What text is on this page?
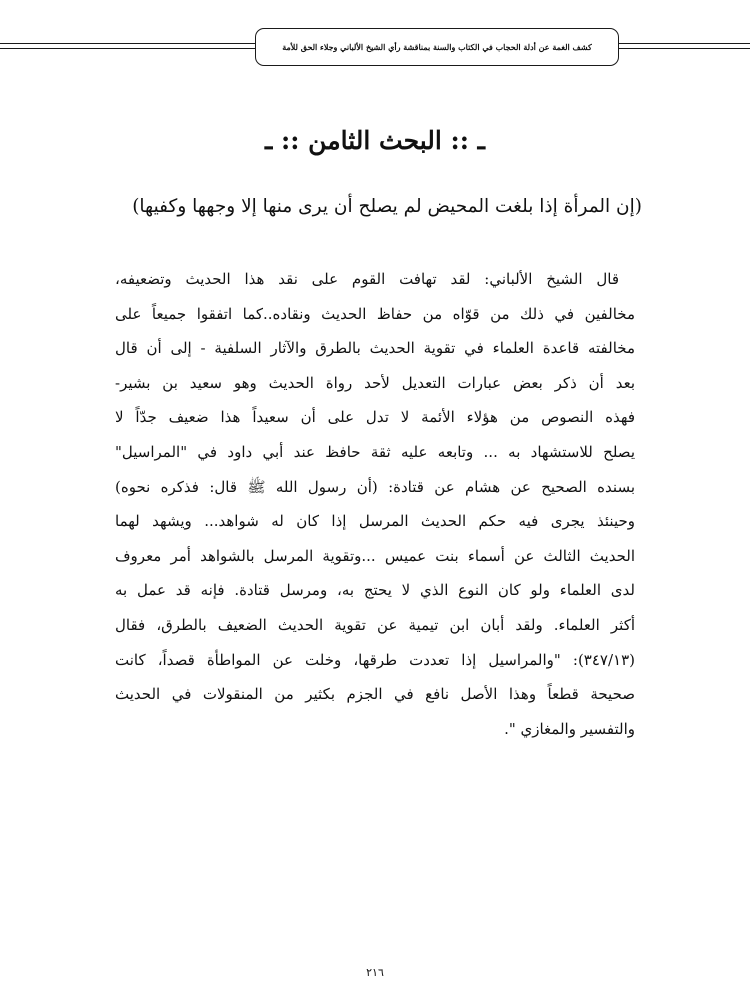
كشف الغمة عن أدلة الحجاب في الكتاب والسنة بمناقشة رأي الشيخ الألباني وجلاء الحق للأمة
ـ :: البحث الثامن :: ـ
(إن المرأة إذا بلغت المحيض لم يصلح أن يرى منها إلا وجهها وكفيها)
قال الشيخ الألباني: لقد تهافت القوم على نقد هذا الحديث وتضعيفه،
مخالفين في ذلك من قوّاه من حفاظ الحديث ونقاده..كما اتفقوا جميعاً على
مخالفته قاعدة العلماء في تقوية الحديث بالطرق والآثار السلفية - إلى أن قال
بعد أن ذكر بعض عبارات التعديل لأحد رواة الحديث وهو سعيد بن بشير-
فهذه النصوص من هؤلاء الأئمة لا تدل على أن سعيداً هذا ضعيف جدّاً لا
يصلح للاستشهاد به ... وتابعه عليه ثقة حافظ عند أبي داود في "المراسيل"
بسنده الصحيح عن هشام عن قتادة: (أن رسول الله ﷺ قال: فذكره نحوه)
وحينئذ يجرى فيه حكم الحديث المرسل إذا كان له شواهد... ويشهد لهما
الحديث الثالث عن أسماء بنت عميس ...وتقوية المرسل بالشواهد أمر معروف
لدى العلماء ولو كان النوع الذي لا يحتج به، ومرسل قتادة. فإنه قد عمل به
أكثر العلماء. ولقد أبان ابن تيمية عن تقوية الحديث الضعيف بالطرق، فقال
(٣٤٧/١٣): "والمراسيل إذا تعددت طرقها، وخلت عن المواطأة قصداً، كانت
صحيحة قطعاً وهذا الأصل نافع في الجزم بكثير من المنقولات في الحديث
والتفسير والمغازي ".
٢١٦
